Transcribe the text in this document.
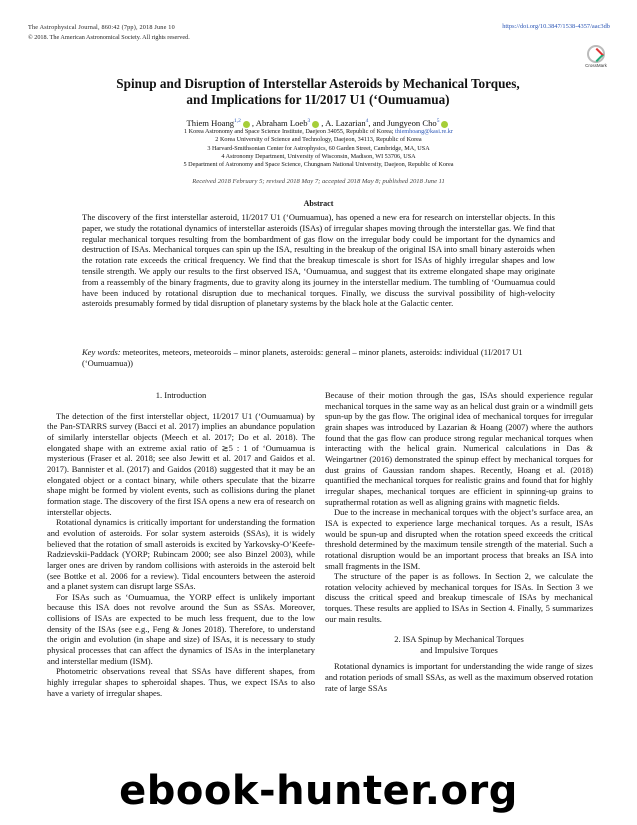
The Astrophysical Journal, 860:42 (7pp), 2018 June 10
© 2018. The American Astronomical Society. All rights reserved.
https://doi.org/10.3847/1538-4357/aac3db
CrossMark
Spinup and Disruption of Interstellar Asteroids by Mechanical Torques,
and Implications for 1I/2017 U1 (‘Oumuamua)
Thiem Hoang$^{1,2}$ , Abraham Loeb$^3$ , A. Lazarian$^4$, and Jungyeon Cho$^5$
1 Korea Astronomy and Space Science Institute, Daejeon 34055, Republic of Korea; thiemhoang@kasi.re.kr
2 Korea University of Science and Technology, Daejeon, 34113, Republic of Korea
3 Harvard-Smithsonian Center for Astrophysics, 60 Garden Street, Cambridge, MA, USA
4 Astronomy Department, University of Wisconsin, Madison, WI 53706, USA
5 Department of Astronomy and Space Science, Chungnam National University, Daejeon, Republic of Korea
Received 2018 February 5; revised 2018 May 7; accepted 2018 May 8; published 2018 June 11
Abstract

The discovery of the first interstellar asteroid, 1I/2017 U1 (‘Oumuamua), has opened a new era for research on interstellar objects. In this paper, we study the rotational dynamics of interstellar asteroids (ISAs) of irregular shapes moving through the interstellar gas. We find that regular mechanical torques resulting from the bombardment of gas flow on the irregular body could be important for the dynamics and destruction of ISAs. Mechanical torques can spin up the ISA, resulting in the breakup of the original ISA into small binary asteroids when the rotation rate exceeds the critical frequency. We find that the breakup timescale is short for ISAs of highly irregular shapes and low tensile strength. We apply our results to the first observed ISA, ‘Oumuamua, and suggest that its extreme elongated shape may originate from a reassembly of the binary fragments, due to gravity along its journey in the interstellar medium. The tumbling of ‘Oumuamua could have been induced by rotational disruption due to mechanical torques. Finally, we discuss the survival possibility of high-velocity asteroids presumably formed by tidal disruption of planetary systems by the black hole at the Galactic center.

Key words: meteorites, meteors, meteoroids – minor planets, asteroids: general – minor planets, asteroids: individual (1I/2017 U1 (‘Oumuamua))

1. Introduction

The detection of the first interstellar object, 1I/2017 U1 (‘Oumuamua) by the Pan-STARRS survey (Bacci et al. 2017) implies an abundance population of similarly interstellar objects (Meech et al. 2017; Do et al. 2018). The elongated shape with an extreme axial ratio of ≳5 : 1 of ‘Oumuamua is mysterious (Fraser et al. 2018; see also Jewitt et al. 2017 and Gaidos et al. 2017). Bannister et al. (2017) and Gaidos (2018) suggested that it may be an elongated object or a contact binary, while others speculate that the bizarre shape might be formed by violent events, such as collisions during the planet formation stage. The discovery of the first ISA opens a new era of research on interstellar objects.

Rotational dynamics is critically important for understanding the formation and evolution of asteroids. For solar system asteroids (SSAs), it is widely believed that the rotation of small asteroids is excited by Yarkovsky-O’Keefe-Radzievskii-Paddack (YORP; Rubincam 2000; see also Binzel 2003), while larger ones are driven by random collisions with asteroids in the asteroid belt (see Bottke et al. 2006 for a review). Tidal encounters between the asteroid and a planet system can disrupt large SSAs.

For ISAs such as ‘Oumuamua, the YORP effect is unlikely important because this ISA does not revolve around the Sun as SSAs. Moreover, collisions of ISAs are expected to be much less frequent, due to the low density of the ISAs (see e.g., Feng & Jones 2018). Therefore, to understand the origin and evolution (in shape and size) of ISAs, it is necessary to study physical processes that can affect the dynamics of ISAs in the interplanetary and interstellar medium (ISM).

Photometric observations reveal that SSAs have different shapes, from highly irregular shapes to spheroidal shapes. Thus, we expect ISAs to also have a variety of irregular shapes.

Because of their motion through the gas, ISAs should experience regular mechanical torques in the same way as an helical dust grain or a windmill gets spun-up by the gas flow. The original idea of mechanical torques for irregular grain shapes was introduced by Lazarian & Hoang (2007) where the authors found that the gas flow can produce strong regular mechanical torques when interacting with the helical grain. Numerical calculations in Das & Weingartner (2016) demonstrated the spinup effect by mechanical torques for dust grains of Gaussian random shapes. Recently, Hoang et al. (2018) quantified the mechanical torques for realistic grains and found that for highly irregular shapes, mechanical torques are efficient in spinning-up grains to suprathermal rotation as well as aligning grains with magnetic fields.

Due to the increase in mechanical torques with the object’s surface area, an ISA is expected to experience large mechanical torques. As a result, ISAs would be spun-up and disrupted when the rotation speed exceeds the critical threshold determined by the maximum tensile strength of the material. Such a rotational disruption would be an important process that breaks an ISA into small fragments in the ISM.

The structure of the paper is as follows. In Section 2, we calculate the rotation velocity achieved by mechanical torques for ISAs. In Section 3 we discuss the critical speed and breakup timescale of ISAs by mechanical torques. These results are applied to ISAs in Section 4. Finally, 5 summarizes our main results.

2. ISA Spinup by Mechanical Torques
and Impulsive Torques

Rotational dynamics is important for understanding the wide range of sizes and rotation periods of small SSAs, as well as the maximum observed rotation rate of large SSAs

ebook-hunter.org
